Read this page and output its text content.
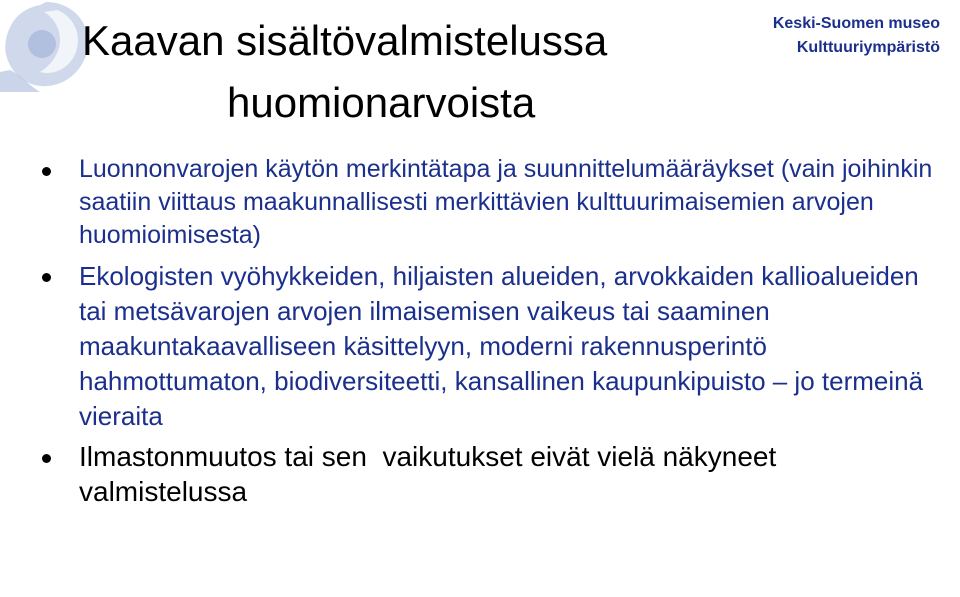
Keski-Suomen museo
Kulttuuriympäristö
Kaavan sisältövalmistelussa
huomionarvoista
Luonnonvarojen käytön merkintätapa ja suunnittelumääräykset (vain joihinkin saatiin viittaus maakunnallisesti merkittävien kulttuurimaisemien arvojen huomioimisesta)
Ekologisten vyöhykkeiden, hiljaisten alueiden, arvokkaiden kallioalueiden tai metsävarojen arvojen ilmaisemisen vaikeus tai saaminen maakuntakaavalliseen käsittelyyn, moderni rakennusperintö hahmottumaton, biodiversiteetti, kansallinen kaupunkipuisto – jo termeinä vieraita
Ilmastonmuutos tai sen  vaikutukset eivät vielä näkyneet valmistelussa
